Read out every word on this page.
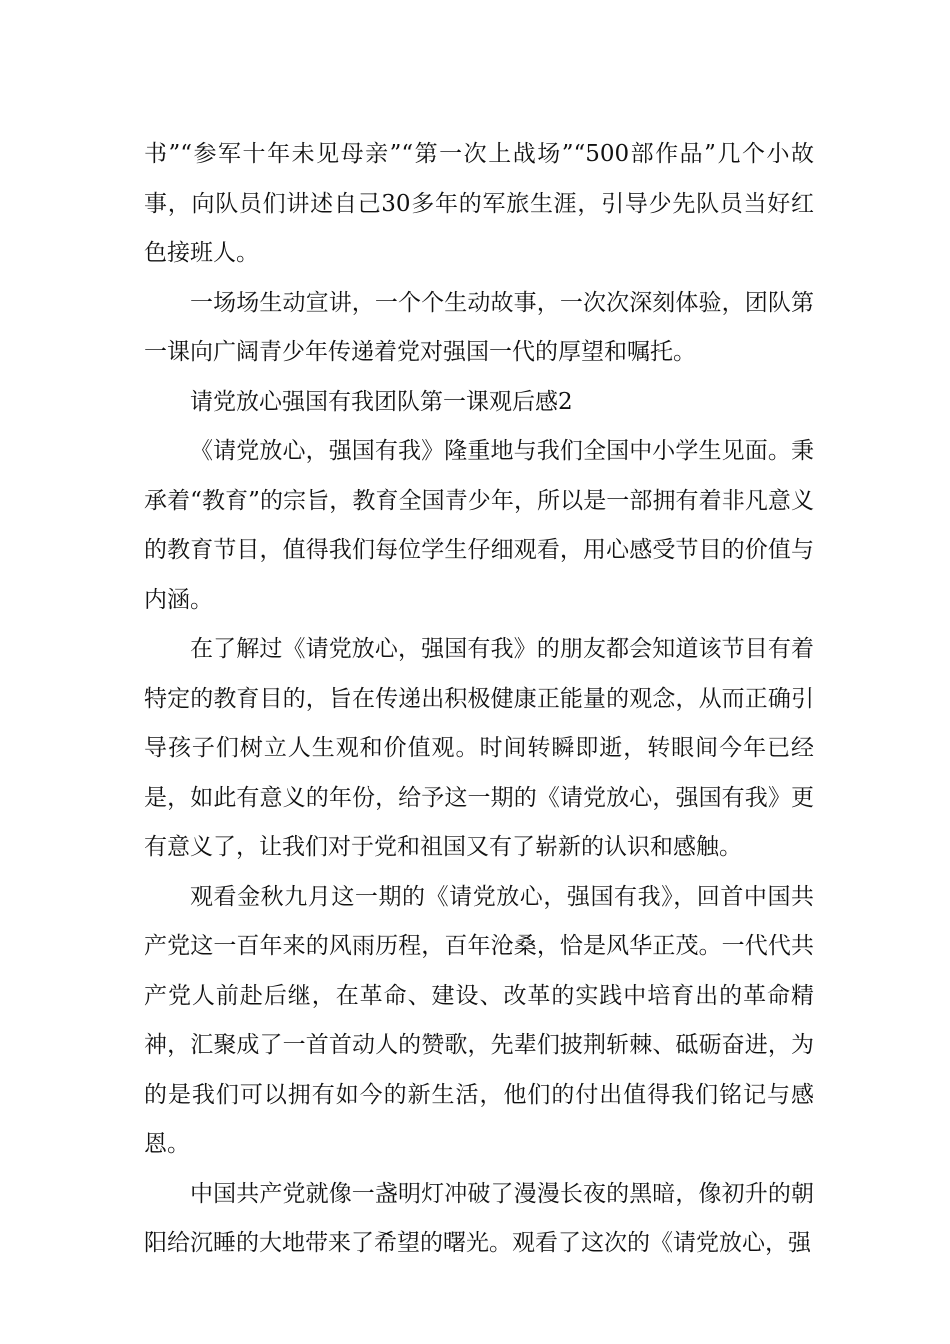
书”“参军十年未见母亲”“第一次上战场”“500部作品”几个小故事，向队员们讲述自己30多年的军旅生涯，引导少先队员当好红色接班人。

一场场生动宣讲，一个个生动故事，一次次深刻体验，团队第一课向广阔青少年传递着党对强国一代的厚望和嘱托。

请党放心强国有我团队第一课观后感2

《请党放心，强国有我》隆重地与我们全国中小学生见面。秉承着“教育”的宗旨，教育全国青少年，所以是一部拥有着非凡意义的教育节目，值得我们每位学生仔细观看，用心感受节目的价值与内涵。

在了解过《请党放心，强国有我》的朋友都会知道该节目有着特定的教育目的，旨在传递出积极健康正能量的观念，从而正确引导孩子们树立人生观和价值观。时间转瞬即逝，转眼间今年已经是，如此有意义的年份，给予这一期的《请党放心，强国有我》更有意义了，让我们对于党和祖国又有了崭新的认识和感触。

观看金秋九月这一期的《请党放心，强国有我》，回首中国共产党这一百年来的风雨历程，百年沧桑，恰是风华正茂。一代代共产党人前赴后继，在革命、建设、改革的实践中培育出的革命精神，汇聚成了一首首动人的赞歌，先辈们披荆斩棘、砥砺奋进，为的是我们可以拥有如今的新生活，他们的付出值得我们铭记与感恩。

中国共产党就像一盏明灯冲破了漫漫长夜的黑暗，像初升的朝阳给沉睡的大地带来了希望的曙光。观看了这次的《请党放心，强
